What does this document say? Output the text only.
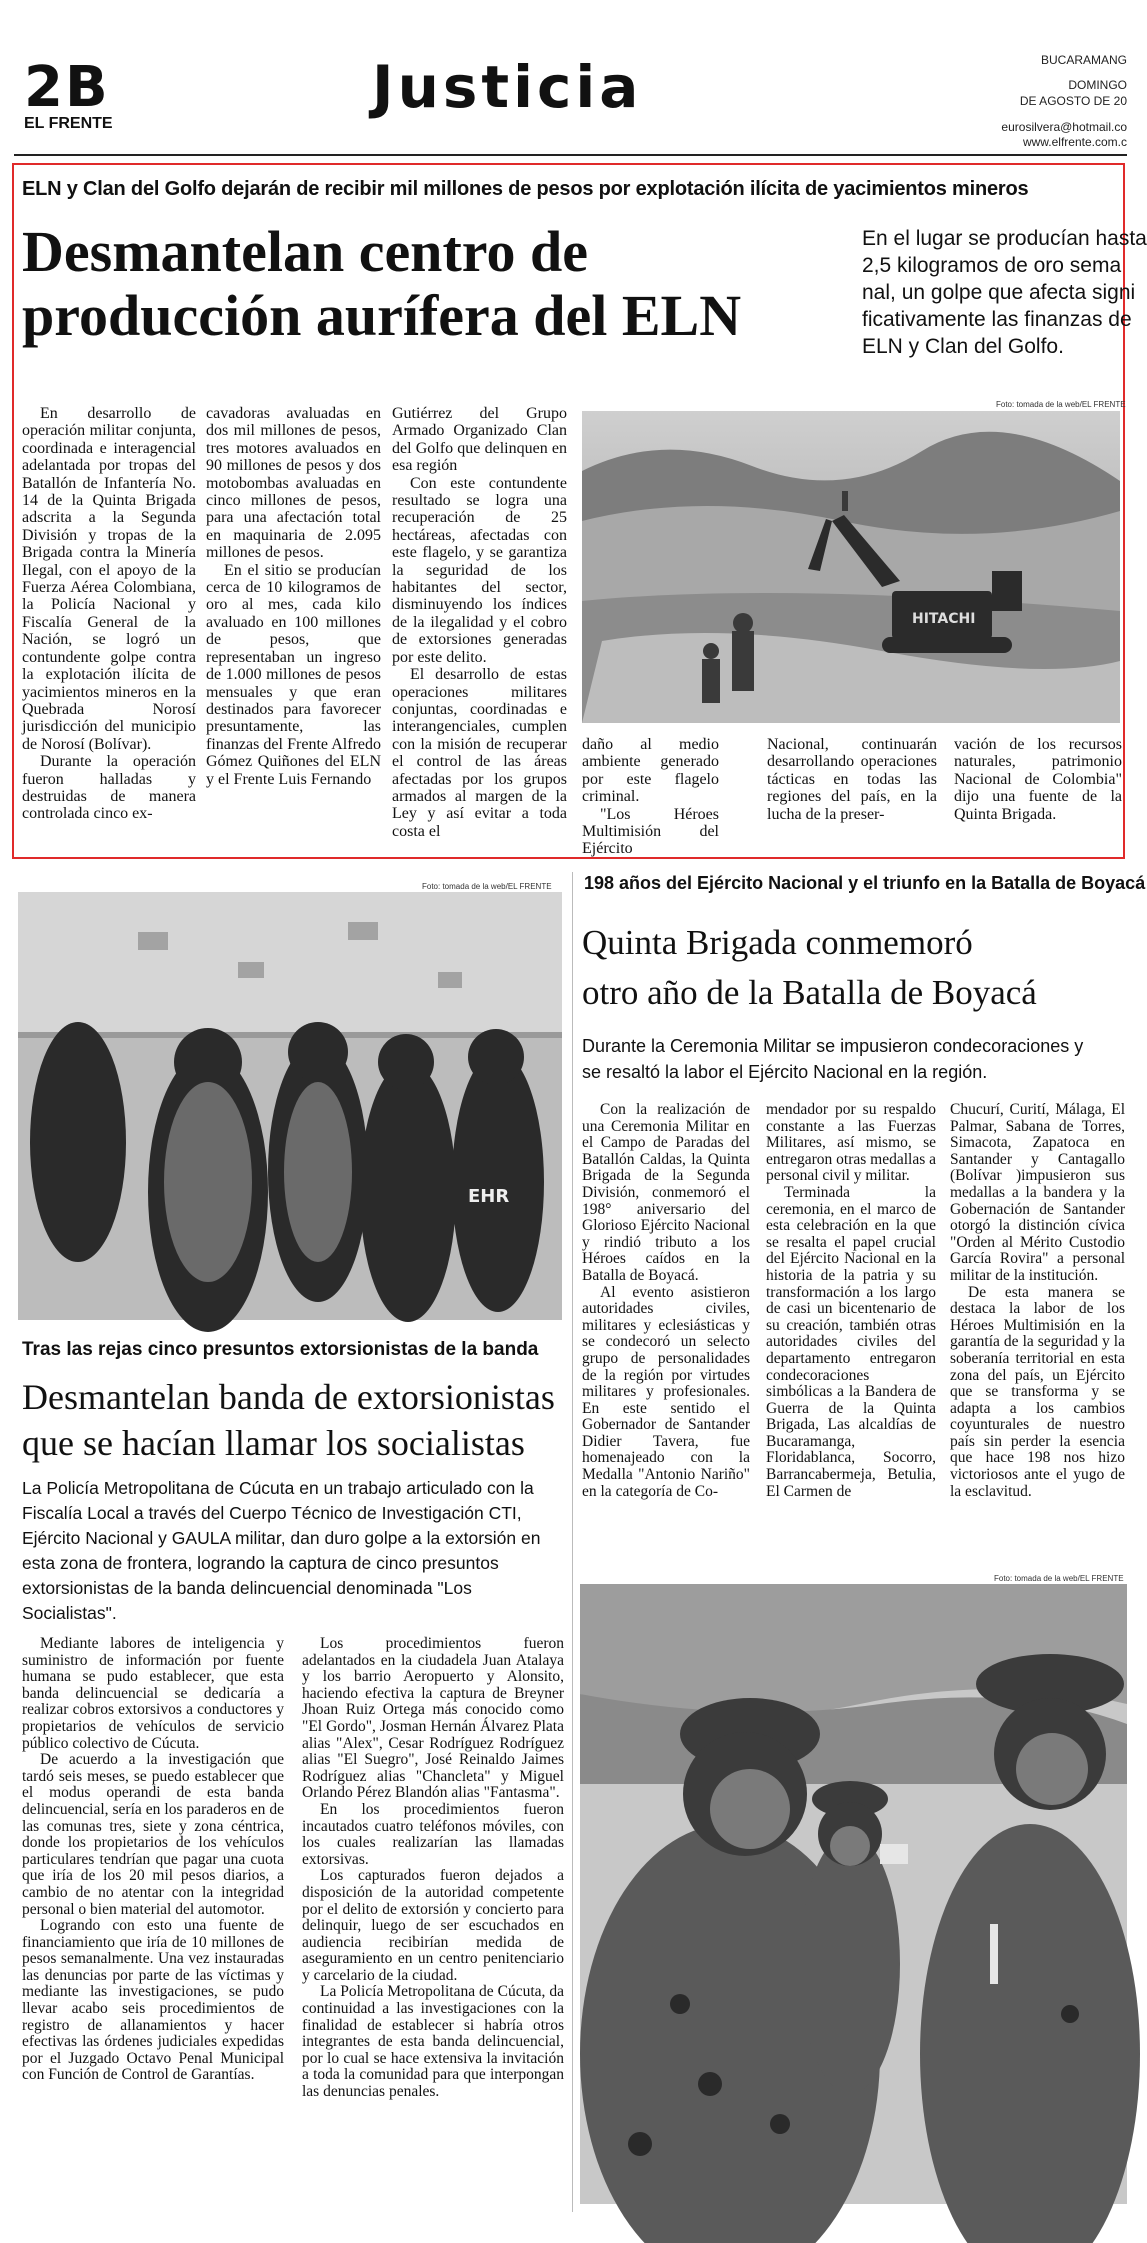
2B
EL FRENTE
Justicia	BUCARAMANG
DOMINGO
DE AGOSTO DE 20
eurosilvera@hotmail.co
www.elfrente.com.c
ELN y Clan del Golfo dejarán de recibir mil millones de pesos por explotación ilícita de yacimientos mineros
Desmantelan centro de
producción aurífera del ELN
En el lugar se producían hasta
2,5 kilogramos de oro sema
nal, un golpe que afecta signi
ficativamente las finanzas de
ELN y Clan del Golfo.

En desarrollo de operación militar conjunta, coordinada e interagencial adelantada por tropas del Batallón de Infantería No. 14 de la Quinta Brigada adscrita a la Segunda División y tropas de la Brigada contra la Minería Ilegal, con el apoyo de la Fuerza Aérea Colombiana, la Policía Nacional y Fiscalía General de la Nación, se logró un contundente golpe contra la explotación ilícita de yacimientos mineros en la Quebrada Norosí jurisdicción del municipio de Norosí (Bolívar).

Durante la operación fueron halladas y destruidas de manera controlada cinco ex-

cavadoras avaluadas en dos mil millones de pesos, tres motores avaluados en 90 millones de pesos y dos motobombas avaluadas en cinco millones de pesos, para una afectación total en maquinaria de 2.095 millones de pesos.

En el sitio se producían cerca de 10 kilogramos de oro al mes, cada kilo avaluado en 100 millones de pesos, que representaban un ingreso de 1.000 millones de pesos mensuales y que eran destinados para favorecer presuntamente, las finanzas del Frente Alfredo Gómez Quiñones del ELN y el Frente Luis Fernando

Gutiérrez del Grupo Armado Organizado Clan del Golfo que delinquen en esa región

Con este contundente resultado se logra una recuperación de 25 hectáreas, afectadas con este flagelo, y se garantiza la seguridad de los habitantes del sector, disminuyendo los índices de la ilegalidad y el cobro de extorsiones generadas por este delito.

El desarrollo de estas operaciones militares conjuntas, coordinadas e interangenciales, cumplen con la misión de recuperar el control de las áreas afectadas por los grupos armados al margen de la Ley y así evitar a toda costa el

Foto: tomada de la web/EL FRENTE
HITACHI

daño al medio ambiente generado por este flagelo criminal.

"Los Héroes Multimisión del Ejército

Nacional, continuarán desarrollando operaciones tácticas en todas las regiones del país, en la lucha de la preser-

vación de los recursos naturales, patrimonio Nacional de Colombia" dijo una fuente de la Quinta Brigada.

Foto: tomada de la web/EL FRENTE
EHR
Tras las rejas cinco presuntos extorsionistas de la banda
Desmantelan banda de extorsionistas
que se hacían llamar los socialistas
La Policía Metropolitana de Cúcuta en un trabajo articulado con la Fiscalía Local a través del Cuerpo Técnico de Investigación CTI, Ejército Nacional y GAULA militar, dan duro golpe a la extorsión en esta zona de frontera, logrando la captura de cinco presuntos extorsionistas de la banda delincuencial denominada "Los Socialistas".

Mediante labores de inteligencia y suministro de información por fuente humana se pudo establecer, que esta banda delincuencial se dedicaría a realizar cobros extorsivos a conductores y propietarios de vehículos de servicio público colectivo de Cúcuta.

De acuerdo a la investigación que tardó seis meses, se puedo establecer que el modus operandi de esta banda delincuencial, sería en los paraderos en de las comunas tres, siete y zona céntrica, donde los propietarios de los vehículos particulares tendrían que pagar una cuota que iría de los 20 mil pesos diarios, a cambio de no atentar con la integridad personal o bien material del automotor.

Logrando con esto una fuente de financiamiento que iría de 10 millones de pesos semanalmente. Una vez instauradas las denuncias por parte de las víctimas y mediante las investigaciones, se pudo llevar acabo seis procedimientos de registro de allanamientos y hacer efectivas las órdenes judiciales expedidas por el Juzgado Octavo Penal Municipal con Función de Control de Garantías.

Los procedimientos fueron adelantados en la ciudadela Juan Atalaya y los barrio Aeropuerto y Alonsito, haciendo efectiva la captura de Breyner Jhoan Ruiz Ortega más conocido como "El Gordo", Josman Hernán Álvarez Plata alias "Alex", Cesar Rodríguez Rodríguez alias "El Suegro", José Reinaldo Jaimes Rodríguez alias "Chancleta" y Miguel Orlando Pérez Blandón alias "Fantasma".

En los procedimientos fueron incautados cuatro teléfonos móviles, con los cuales realizarían las llamadas extorsivas.

Los capturados fueron dejados a disposición de la autoridad competente por el delito de extorsión y concierto para delinquir, luego de ser escuchados en audiencia recibirían medida de aseguramiento en un centro penitenciario y carcelario de la ciudad.

La Policía Metropolitana de Cúcuta, da continuidad a las investigaciones con la finalidad de establecer si habría otros integrantes de esta banda delincuencial, por lo cual se hace extensiva la invitación a toda la comunidad para que interpongan las denuncias penales.

198 años del Ejército Nacional y el triunfo en la Batalla de Boyacá
Quinta Brigada conmemoró
otro año de la Batalla de Boyacá
Durante la Ceremonia Militar se impusieron condecoraciones y
se resaltó la labor el Ejército Nacional en la región.

Con la realización de una Ceremonia Militar en el Campo de Paradas del Batallón Caldas, la Quinta Brigada de la Segunda División, conmemoró el 198° aniversario del Glorioso Ejército Nacional y rindió tributo a los Héroes caídos en la Batalla de Boyacá.

Al evento asistieron autoridades civiles, militares y eclesiásticas y se condecoró un selecto grupo de personalidades de la región por virtudes militares y profesionales. En este sentido el Gobernador de Santander Didier Tavera, fue homenajeado con la Medalla "Antonio Nariño" en la categoría de Co-

mendador por su respaldo constante a las Fuerzas Militares, así mismo, se entregaron otras medallas a personal civil y militar.

Terminada la ceremonia, en el marco de esta celebración en la que se resalta el papel crucial del Ejército Nacional en la historia de la patria y su transformación a los largo de casi un bicentenario de su creación, también otras autoridades civiles del departamento entregaron condecoraciones simbólicas a la Bandera de Guerra de la Quinta Brigada, Las alcaldías de Bucaramanga, Floridablanca, Socorro, Barrancabermeja, Betulia, El Carmen de

Chucurí, Curití, Málaga, El Palmar, Sabana de Torres, Simacota, Zapatoca en Santander y Cantagallo (Bolívar )impusieron sus medallas a la bandera y la Gobernación de Santander otorgó la distinción cívica "Orden al Mérito Custodio García Rovira" a personal militar de la institución.

De esta manera se destaca la labor de los Héroes Multimisión en la garantía de la seguridad y la soberanía territorial en esta zona del país, un Ejército que se transforma y se adapta a los cambios coyunturales de nuestro país sin perder la esencia que hace 198 nos hizo victoriosos ante el yugo de la esclavitud.

Foto: tomada de la web/EL FRENTE
